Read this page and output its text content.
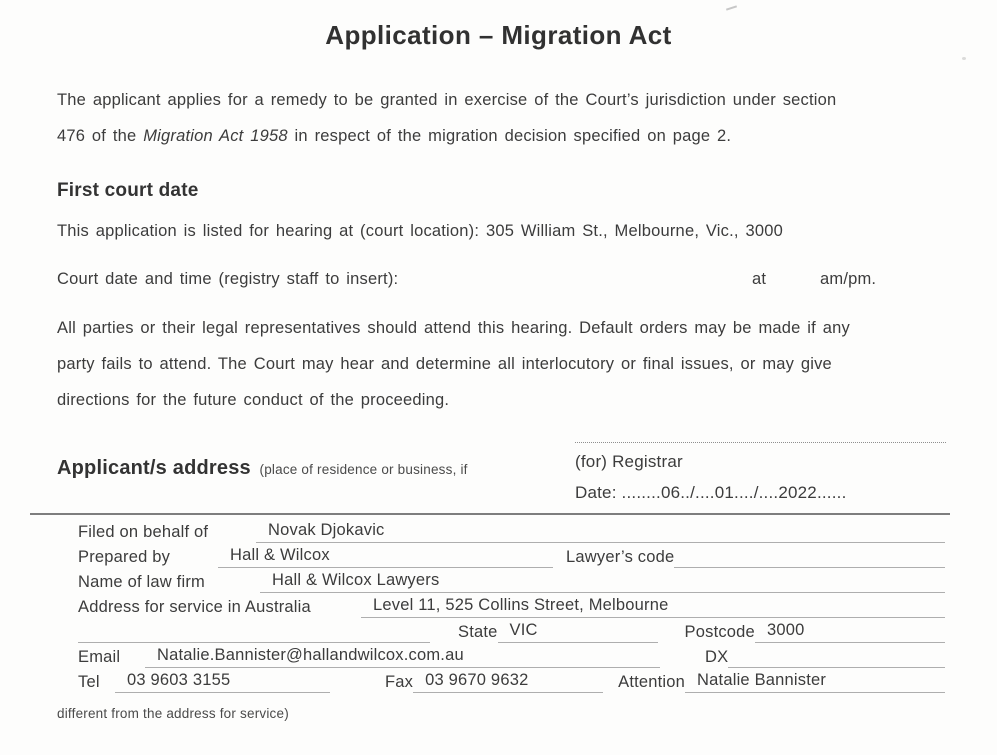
Application – Migration Act
The applicant applies for a remedy to be granted in exercise of the Court’s jurisdiction under section
476 of the Migration Act 1958 in respect of the migration decision specified on page 2.
First court date
This application is listed for hearing at (court location): 305 William St., Melbourne, Vic., 3000
Court date and time (registry staff to insert):	at	am/pm.
All parties or their legal representatives should attend this hearing. Default orders may be made if any
party fails to attend. The Court may hear and determine all interlocutory or final issues, or may give
directions for the future conduct of the proceeding.
(for) Registrar
Date: ........06../....01..../....2022......
Applicant/s address (place of residence or business, if
Filed on behalf of	Novak Djokavic
Prepared by	Hall & Wilcox	Lawyer’s code
Name of law firm	Hall & Wilcox Lawyers
Address for service in Australia	Level 11, 525 Collins Street, Melbourne
State VIC	Postcode 3000
Email	Natalie.Bannister@hallandwilcox.com.au	DX
Tel	03 9603 3155	Fax 03 9670 9632	Attention Natalie Bannister
different from the address for service)
